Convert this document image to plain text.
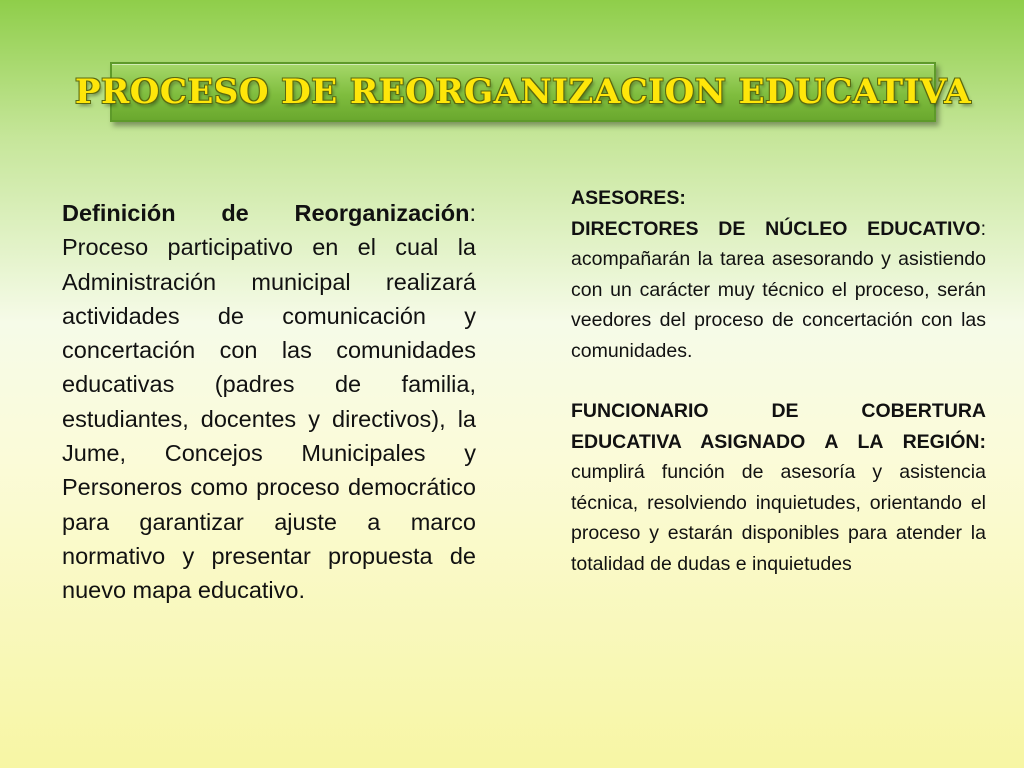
PROCESO DE REORGANIZACION EDUCATIVA
Definición de Reorganización: Proceso participativo en el cual la Administración municipal realizará actividades de comunicación y concertación con las comunidades educativas (padres de familia, estudiantes, docentes y directivos), la Jume, Concejos Municipales y Personeros como proceso democrático para garantizar ajuste a marco normativo y presentar propuesta de nuevo mapa educativo.
ASESORES:
DIRECTORES DE NÚCLEO EDUCATIVO: acompañarán la tarea asesorando y asistiendo con un carácter muy técnico el proceso, serán veedores del proceso de concertación con las comunidades.
FUNCIONARIO DE COBERTURA EDUCATIVA ASIGNADO A LA REGIÓN: cumplirá función de asesoría y asistencia técnica, resolviendo inquietudes, orientando el proceso y estarán disponibles para atender la totalidad de dudas e inquietudes
